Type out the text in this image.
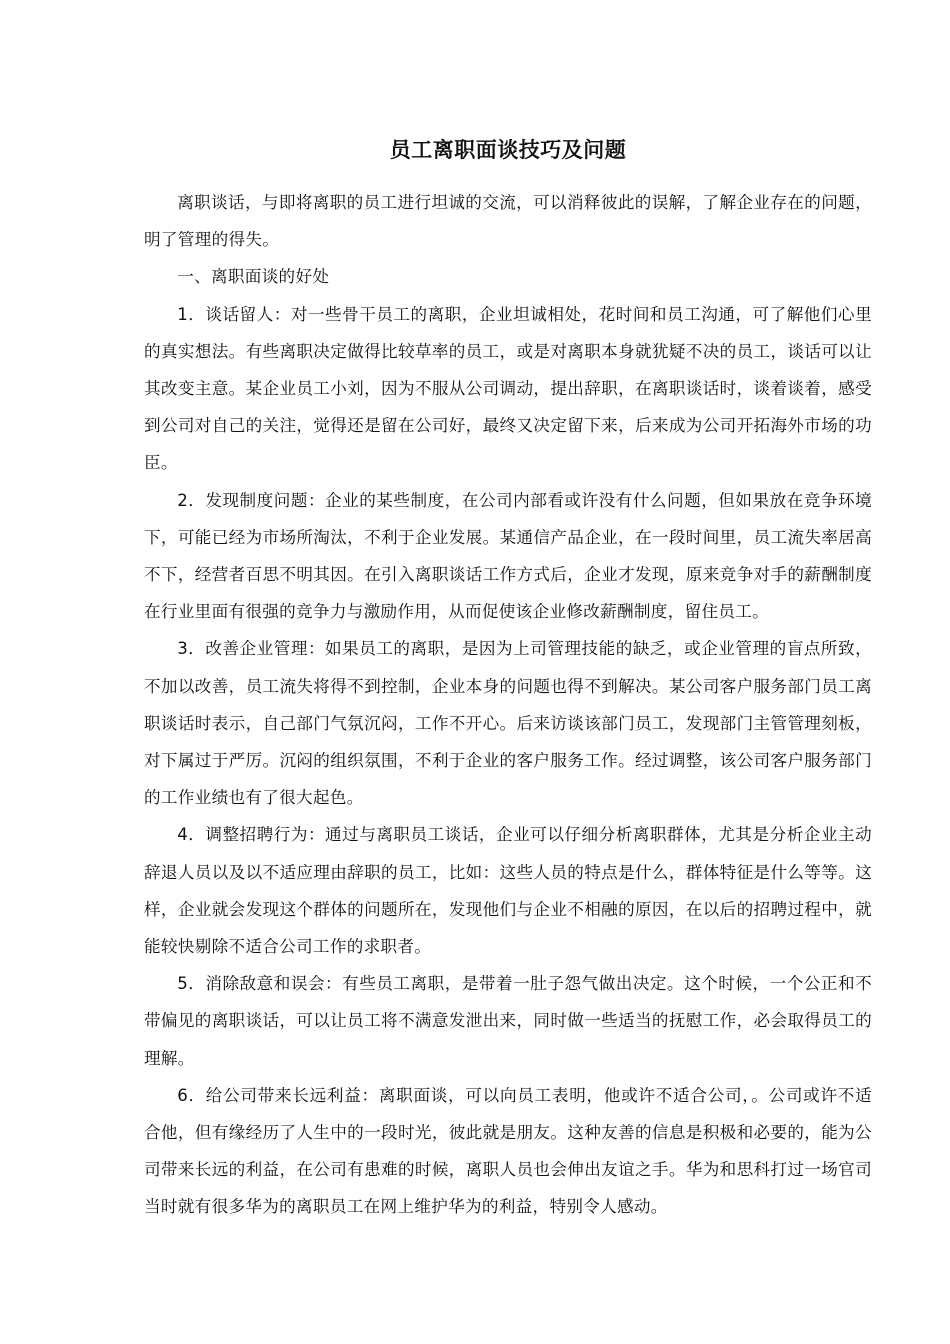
员工离职面谈技巧及问题

离职谈话，与即将离职的员工进行坦诚的交流，可以消释彼此的误解，了解企业存在的问题，明了管理的得失。

一、离职面谈的好处

1．谈话留人：对一些骨干员工的离职，企业坦诚相处，花时间和员工沟通，可了解他们心里的真实想法。有些离职决定做得比较草率的员工，或是对离职本身就犹疑不决的员工，谈话可以让其改变主意。某企业员工小刘，因为不服从公司调动，提出辞职，在离职谈话时，谈着谈着，感受到公司对自己的关注，觉得还是留在公司好，最终又决定留下来，后来成为公司开拓海外市场的功臣。

2．发现制度问题：企业的某些制度，在公司内部看或许没有什么问题，但如果放在竞争环境下，可能已经为市场所淘汰，不利于企业发展。某通信产品企业，在一段时间里，员工流失率居高不下，经营者百思不明其因。在引入离职谈话工作方式后，企业才发现，原来竞争对手的薪酬制度在行业里面有很强的竞争力与激励作用，从而促使该企业修改薪酬制度，留住员工。

3．改善企业管理：如果员工的离职，是因为上司管理技能的缺乏，或企业管理的盲点所致，不加以改善，员工流失将得不到控制，企业本身的问题也得不到解决。某公司客户服务部门员工离职谈话时表示，自己部门气氛沉闷，工作不开心。后来访谈该部门员工，发现部门主管管理刻板，对下属过于严厉。沉闷的组织氛围，不利于企业的客户服务工作。经过调整，该公司客户服务部门的工作业绩也有了很大起色。

4．调整招聘行为：通过与离职员工谈话，企业可以仔细分析离职群体，尤其是分析企业主动辞退人员以及以不适应理由辞职的员工，比如：这些人员的特点是什么，群体特征是什么等等。这样，企业就会发现这个群体的问题所在，发现他们与企业不相融的原因，在以后的招聘过程中，就能较快剔除不适合公司工作的求职者。

5．消除敌意和误会：有些员工离职，是带着一肚子怨气做出决定。这个时候，一个公正和不带偏见的离职谈话，可以让员工将不满意发泄出来，同时做一些适当的抚慰工作，必会取得员工的理解。

6．给公司带来长远利益：离职面谈，可以向员工表明，他或许不适合公司，。公司或许不适合他，但有缘经历了人生中的一段时光，彼此就是朋友。这种友善的信息是积极和必要的，能为公司带来长远的利益，在公司有患难的时候，离职人员也会伸出友谊之手。华为和思科打过一场官司当时就有很多华为的离职员工在网上维护华为的利益，特别令人感动。
